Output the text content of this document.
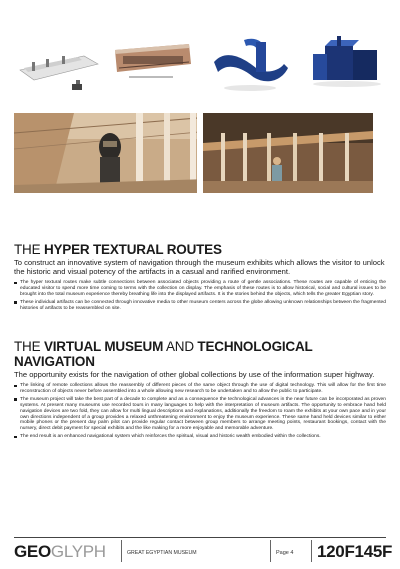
THE HYPER TEXTURAL ROUTES

To construct an innovative system of navigation through the museum exhibits which allows the visitor to unlock the historic and visual potency of the artifacts in a casual and rarified environment.

The hyper textural routes make subtle connections between associated objects providing a route of gentle associations. These routes are capable of enticing the educated visitor to spend more time coming to terms with the collection on display. The emphasis of these routes is to allow historical, social and cultural issues to be brought into the total museum experience thereby breathing life into the displayed artifacts. It is the stories behind the objects, which tells the greater Egyptian story.

These individual artifacts can be connected through innovative media to other museum centers across the globe allowing unknown relationships between the fragmented histories of artifacts to be reassembled on site.

THE VIRTUAL MUSEUM AND TECHNOLOGICAL NAVIGATION

The opportunity exists for the navigation of other global collections by use of the information super highway.

The linking of remote collections allows the reassembly of different pieces of the same object through the use of digital technology. This will allow for the first time reconstruction of objects never before assembled into a whole allowing new research to be undertaken and to allow the public to participate.

The museum project will take the best part of a decade to complete and as a consequence the technological advances in the near future can be incorporated as proven systems. At present many museums use recorded tours in many languages to help with the interpretation of museum artifacts. The opportunity to embrace hand held navigation devices are two fold, they can allow for multi lingual descriptions and explanations, additionally the freedom to roam the exhibits at your own pace and in your own directions independent of a group provides a relaxed unthreatening environment to enjoy the museum experience. These same hand held devices similar to either mobile phones or the present day palm pilot can provide regular contact between group members to arrange meeting points, restaurant bookings, contact with the nursery, direct debit payment for special exhibits and the like making for a more enjoyable and memorable adventure.

The end result is an enhanced navigational system which reinforces the spiritual, visual and historic wealth embodied within the collections.

GEOGLYPH	GREAT EGYPTIAN MUSEUM	Page 4 120F145F
